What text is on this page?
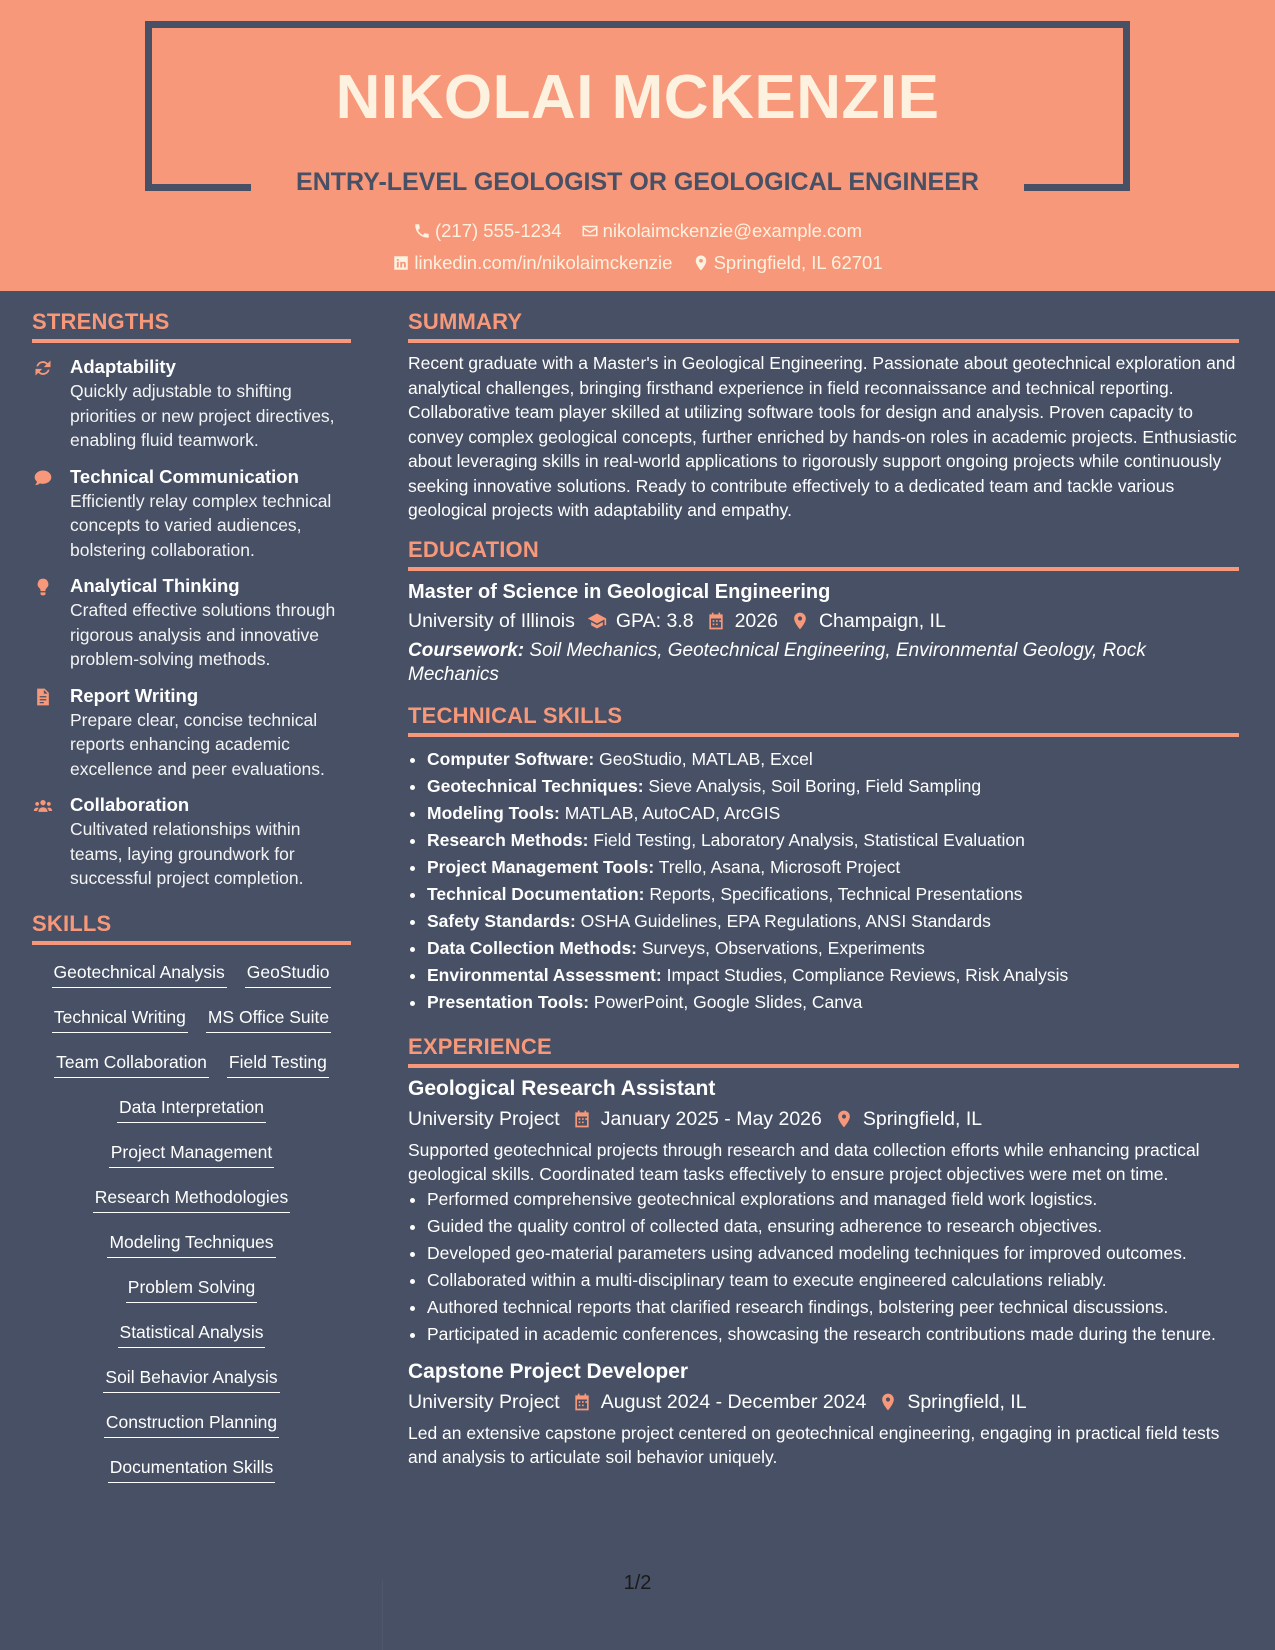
NIKOLAI MCKENZIE
ENTRY-LEVEL GEOLOGIST OR GEOLOGICAL ENGINEER
(217) 555-1234
nikolaimckenzie@example.com
linkedin.com/in/nikolaimckenzie
Springfield, IL 62701
STRENGTHS
Adaptability
Quickly adjustable to shifting priorities or new project directives, enabling fluid teamwork.
Technical Communication
Efficiently relay complex technical concepts to varied audiences, bolstering collaboration.
Analytical Thinking
Crafted effective solutions through rigorous analysis and innovative problem-solving methods.
Report Writing
Prepare clear, concise technical reports enhancing academic excellence and peer evaluations.
Collaboration
Cultivated relationships within teams, laying groundwork for successful project completion.
SKILLS
Geotechnical Analysis GeoStudio
Technical Writing MS Office Suite
Team Collaboration Field Testing
Data Interpretation
Project Management
Research Methodologies
Modeling Techniques
Problem Solving
Statistical Analysis
Soil Behavior Analysis
Construction Planning
Documentation Skills
SUMMARY
Recent graduate with a Master's in Geological Engineering. Passionate about geotechnical exploration and analytical challenges, bringing firsthand experience in field reconnaissance and technical reporting. Collaborative team player skilled at utilizing software tools for design and analysis. Proven capacity to convey complex geological concepts, further enriched by hands-on roles in academic projects. Enthusiastic about leveraging skills in real-world applications to rigorously support ongoing projects while continuously seeking innovative solutions. Ready to contribute effectively to a dedicated team and tackle various geological projects with adaptability and empathy.
EDUCATION
Master of Science in Geological Engineering
University of Illinois GPA: 3.8 2026 Champaign, IL
Coursework: Soil Mechanics, Geotechnical Engineering, Environmental Geology, Rock Mechanics
TECHNICAL SKILLS
• Computer Software: GeoStudio, MATLAB, Excel
• Geotechnical Techniques: Sieve Analysis, Soil Boring, Field Sampling
• Modeling Tools: MATLAB, AutoCAD, ArcGIS
• Research Methods: Field Testing, Laboratory Analysis, Statistical Evaluation
• Project Management Tools: Trello, Asana, Microsoft Project
• Technical Documentation: Reports, Specifications, Technical Presentations
• Safety Standards: OSHA Guidelines, EPA Regulations, ANSI Standards
• Data Collection Methods: Surveys, Observations, Experiments
• Environmental Assessment: Impact Studies, Compliance Reviews, Risk Analysis
• Presentation Tools: PowerPoint, Google Slides, Canva
EXPERIENCE
Geological Research Assistant
University Project January 2025 - May 2026 Springfield, IL
Supported geotechnical projects through research and data collection efforts while enhancing practical geological skills. Coordinated team tasks effectively to ensure project objectives were met on time.
• Performed comprehensive geotechnical explorations and managed field work logistics.
• Guided the quality control of collected data, ensuring adherence to research objectives.
• Developed geo-material parameters using advanced modeling techniques for improved outcomes.
• Collaborated within a multi-disciplinary team to execute engineered calculations reliably.
• Authored technical reports that clarified research findings, bolstering peer technical discussions.
• Participated in academic conferences, showcasing the research contributions made during the tenure.
Capstone Project Developer
University Project August 2024 - December 2024 Springfield, IL
Led an extensive capstone project centered on geotechnical engineering, engaging in practical field tests and analysis to articulate soil behavior uniquely.
1/2
